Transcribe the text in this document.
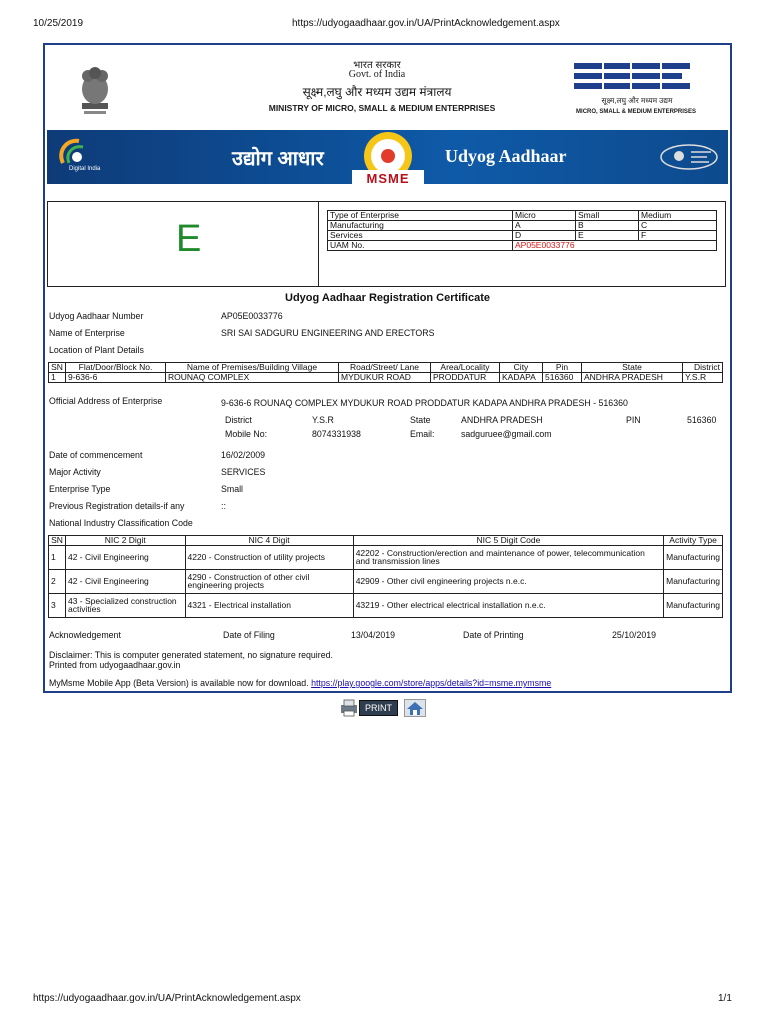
10/25/2019	https://udyogaadhaar.gov.in/UA/PrintAcknowledgement.aspx
https://udyogaadhaar.gov.in/UA/PrintAcknowledgement.aspx	1/1
भारत सरकार
Govt. of India
सूक्ष्म,लघु और मध्यम उद्यम मंत्रालय
MINISTRY OF MICRO, SMALL & MEDIUM ENTERPRISES
सूक्ष्म,लघु और मध्यम उद्यम
MICRO, SMALL & MEDIUM ENTERPRISES
Digital India	उद्योग आधार
MSME
Udyog Aadhaar
E
Type of Enterprise	Micro	Small	Medium
Manufacturing	A	B	C
Services	D	E	F
UAM No.	AP05E0033776		
Udyog Aadhaar Registration Certificate
Udyog Aadhaar Number	AP05E0033776
Name of Enterprise	SRI SAI SADGURU ENGINEERING AND ERECTORS
Location of Plant Details
SN	Flat/Door/Block No.	Name of Premises/Building Village	Road/Street/ Lane	Area/Locality	City	Pin	State	District
1	9-636-6	ROUNAQ COMPLEX	MYDUKUR ROAD	PRODDATUR	KADAPA	516360	ANDHRA PRADESH	Y.S.R
Official Address of Enterprise	9-636-6 ROUNAQ COMPLEX MYDUKUR ROAD PRODDATUR KADAPA ANDHRA PRADESH - 516360
District	Y.S.R	State	ANDHRA PRADESH	PIN	516360
Mobile No:	8074331938	Email:	sadguruee@gmail.com
Date of commencement	16/02/2009
Major Activity	SERVICES
Enterprise Type	Small
Previous Registration details-if any	::
National Industry Classification Code
SN	NIC 2 Digit	NIC 4 Digit	NIC 5 Digit Code	Activity Type
1	42 - Civil Engineering	4220 - Construction of utility projects	42202 - Construction/erection and maintenance of power, telecommunication and transmission lines	Manufacturing
2	42 - Civil Engineering	4290 - Construction of other civil engineering projects	42909 - Other civil engineering projects n.e.c.	Manufacturing
3	43 - Specialized construction activities	4321 - Electrical installation	43219 - Other electrical electrical installation n.e.c.	Manufacturing
Acknowledgement	Date of Filing	13/04/2019	Date of Printing	25/10/2019
Disclaimer: This is computer generated statement, no signature required.
Printed from udyogaadhaar.gov.in
MyMsme Mobile App (Beta Version) is available now for download. https://play.google.com/store/apps/details?id=msme.mymsme
PRINT
